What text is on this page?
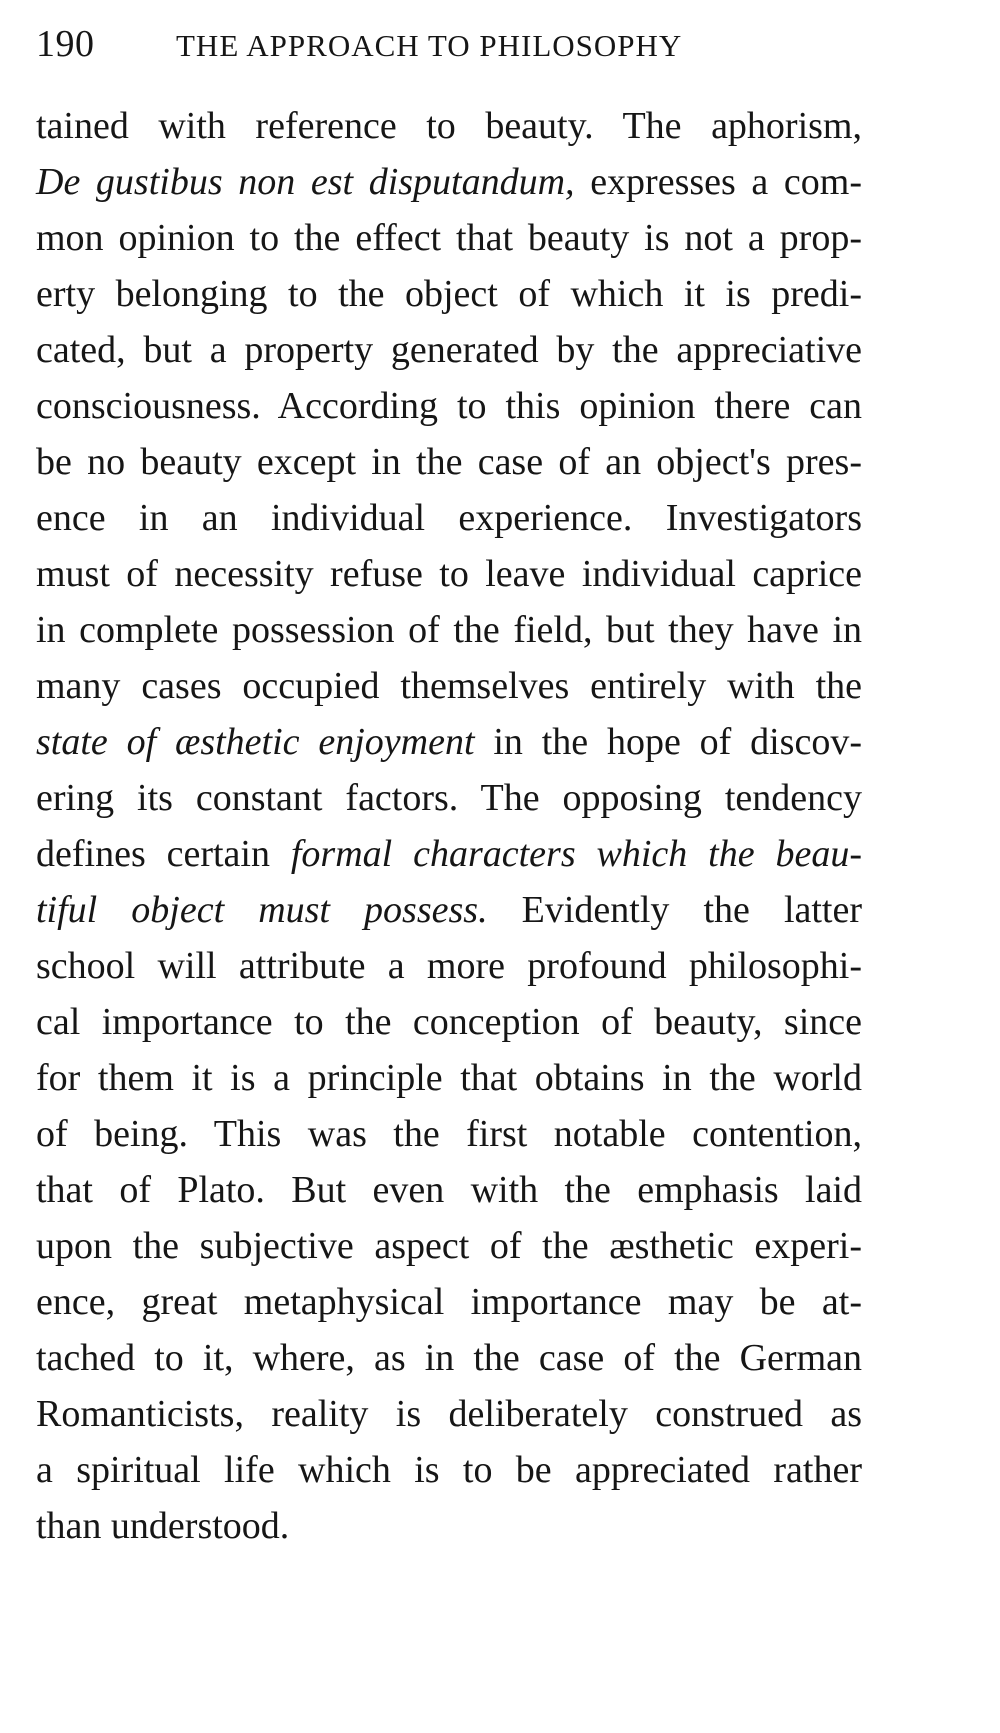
190	THE APPROACH TO PHILOSOPHY
tained with reference to beauty. The aphorism,
De gustibus non est disputandum, expresses a com-
mon opinion to the effect that beauty is not a prop-
erty belonging to the object of which it is predi-
cated, but a property generated by the appreciative
consciousness. According to this opinion there can
be no beauty except in the case of an object's pres-
ence in an individual experience. Investigators
must of necessity refuse to leave individual caprice
in complete possession of the field, but they have in
many cases occupied themselves entirely with the
state of æsthetic enjoyment in the hope of discov-
ering its constant factors. The opposing tendency
defines certain formal characters which the beau-
tiful object must possess. Evidently the latter
school will attribute a more profound philosophi-
cal importance to the conception of beauty, since
for them it is a principle that obtains in the world
of being. This was the first notable contention,
that of Plato. But even with the emphasis laid
upon the subjective aspect of the æsthetic experi-
ence, great metaphysical importance may be at-
tached to it, where, as in the case of the German
Romanticists, reality is deliberately construed as
a spiritual life which is to be appreciated rather
than understood.
